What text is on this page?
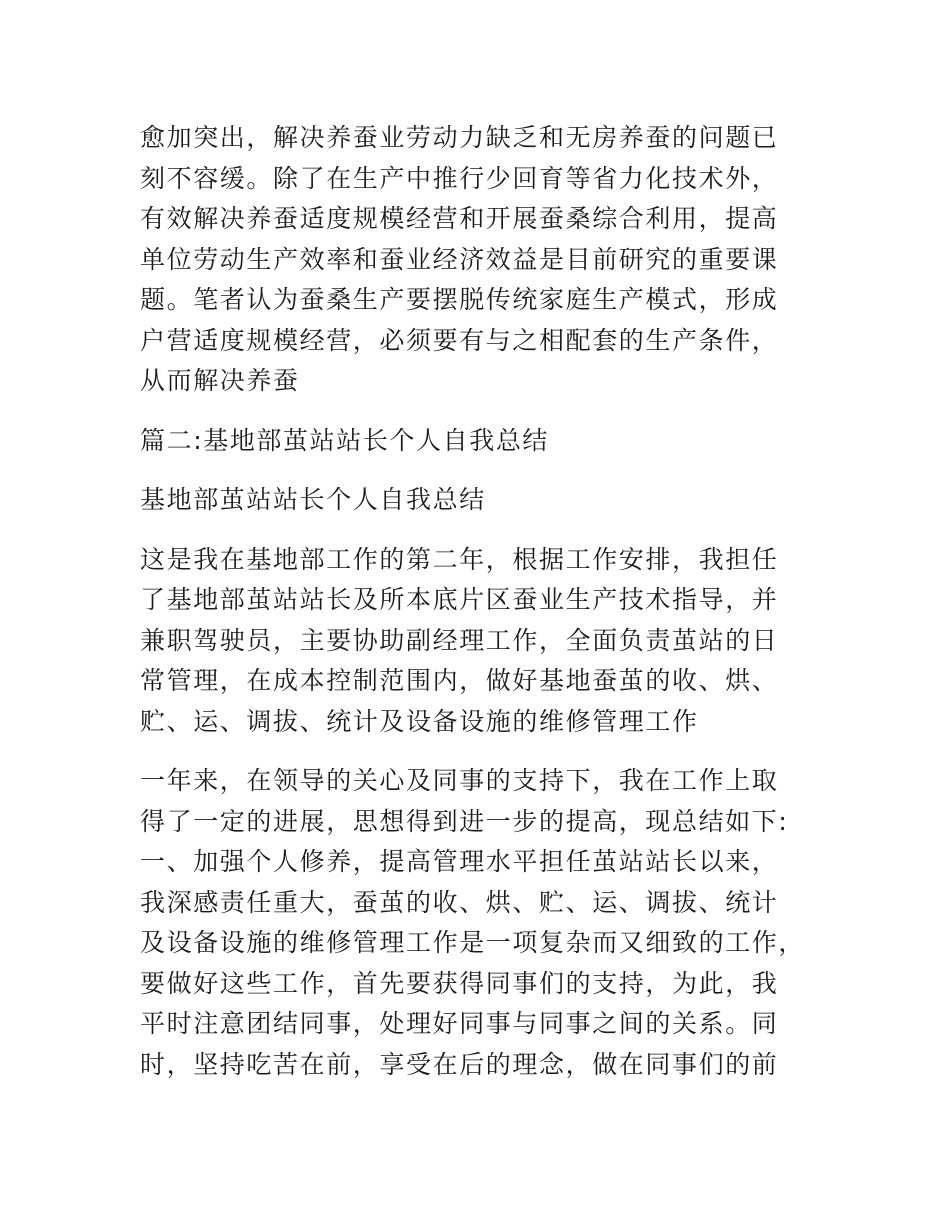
愈加突出，解决养蚕业劳动力缺乏和无房养蚕的问题已
刻不容缓。除了在生产中推行少回育等省力化技术外，
有效解决养蚕适度规模经营和开展蚕桑综合利用，提高
单位劳动生产效率和蚕业经济效益是目前研究的重要课
题。笔者认为蚕桑生产要摆脱传统家庭生产模式，形成
户营适度规模经营，必须要有与之相配套的生产条件，
从而解决养蚕
篇二:基地部茧站站长个人自我总结
基地部茧站站长个人自我总结
这是我在基地部工作的第二年，根据工作安排，我担任
了基地部茧站站长及所本底片区蚕业生产技术指导，并
兼职驾驶员，主要协助副经理工作，全面负责茧站的日
常管理，在成本控制范围内，做好基地蚕茧的收、烘、
贮、运、调拔、统计及设备设施的维修管理工作
一年来，在领导的关心及同事的支持下，我在工作上取
得了一定的进展，思想得到进一步的提高，现总结如下:
一、加强个人修养，提高管理水平担任茧站站长以来，
我深感责任重大，蚕茧的收、烘、贮、运、调拔、统计
及设备设施的维修管理工作是一项复杂而又细致的工作，
要做好这些工作，首先要获得同事们的支持，为此，我
平时注意团结同事，处理好同事与同事之间的关系。同
时，坚持吃苦在前，享受在后的理念，做在同事们的前
